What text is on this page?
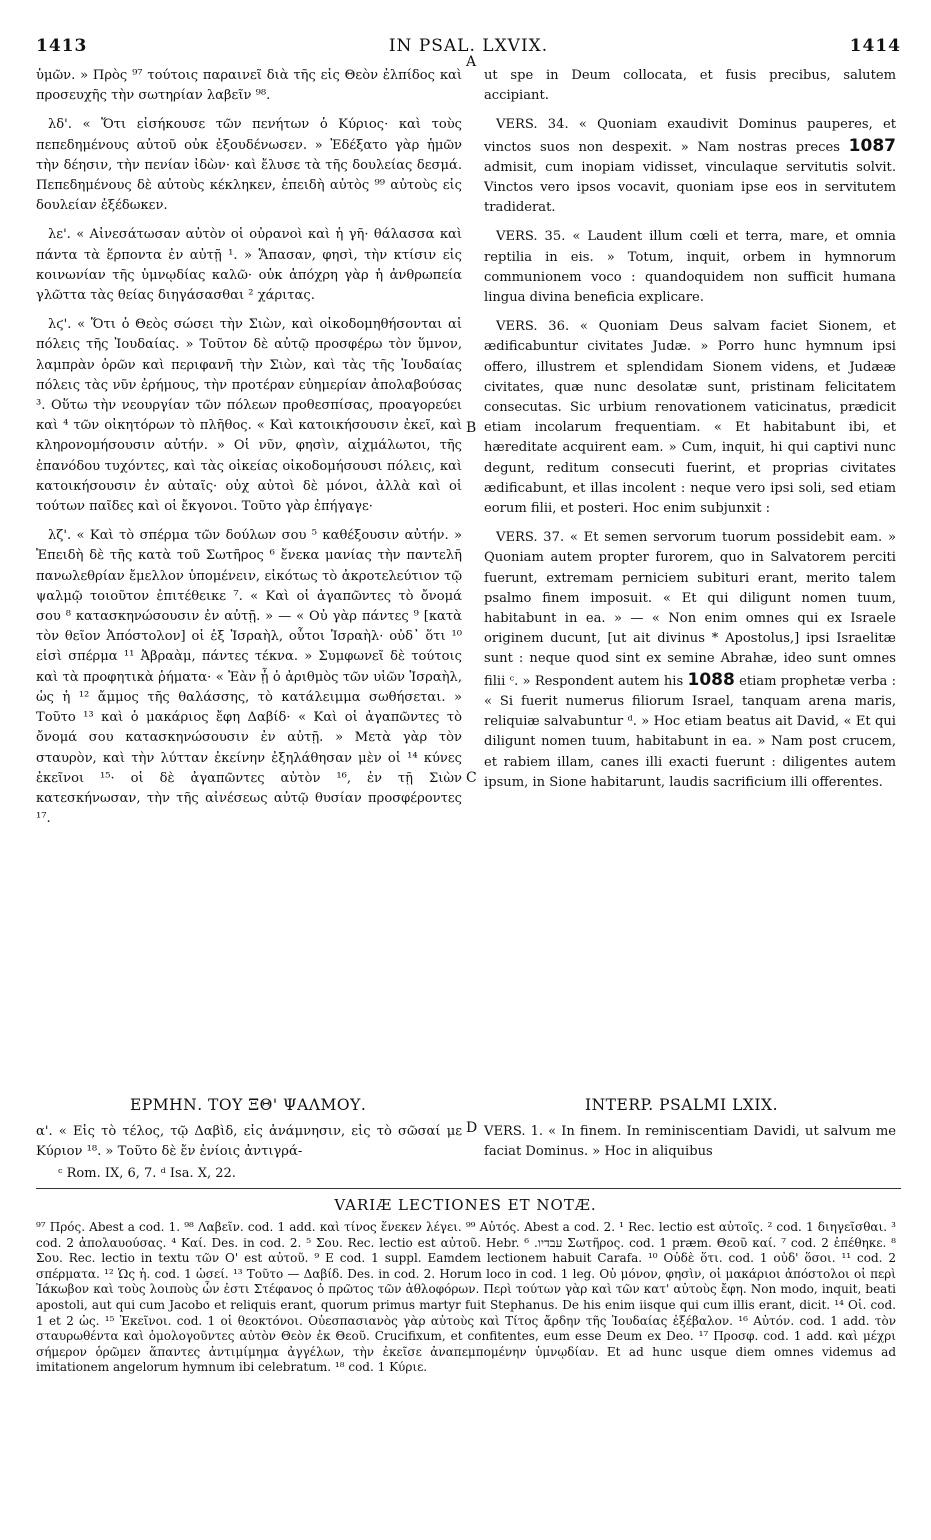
1413	IN PSAL. LXVIX.	1414

ὑμῶν. » Πρὸς ⁹⁷ τούτοις παραινεῖ διὰ τῆς εἰς Θεὸν ἐλπίδος καὶ προσευχῆς τὴν σωτηρίαν λαβεῖν ⁹⁸.

λδ'. « Ὅτι εἰσήκουσε τῶν πενήτων ὁ Κύριος· καὶ τοὺς πεπεδημένους αὐτοῦ οὐκ ἐξουδένωσεν. » Ἐδέξατο γὰρ ἡμῶν τὴν δέησιν, τὴν πενίαν ἰδὼν· καὶ ἔλυσε τὰ τῆς δουλείας δεσμά. Πεπεδημένους δὲ αὐτοὺς κέκληκεν, ἐπειδὴ αὐτὸς ⁹⁹ αὐτοὺς εἰς δουλείαν ἐξέδωκεν.

λε'. « Αἰνεσάτωσαν αὐτὸν οἱ οὐρανοὶ καὶ ἡ γῆ· θάλασσα καὶ πάντα τὰ ἕρποντα ἐν αὐτῇ ¹. » Ἅπασαν, φησὶ, τὴν κτίσιν εἰς κοινωνίαν τῆς ὑμνῳδίας καλῶ· οὐκ ἀπόχρη γὰρ ἡ ἀνθρωπεία γλῶττα τὰς θείας διηγάσασθαι ² χάριτας.

λϛ'. « Ὅτι ὁ Θεὸς σώσει τὴν Σιὼν, καὶ οἰκοδομηθήσονται αἱ πόλεις τῆς Ἰουδαίας. » Τοῦτον δὲ αὐτῷ προσφέρω τὸν ὕμνον, λαμπρὰν ὁρῶν καὶ περιφανῆ τὴν Σιὼν, καὶ τὰς τῆς Ἰουδαίας πόλεις τὰς νῦν ἐρήμους, τὴν προτέραν εὐημερίαν ἀπολαβούσας ³. Οὕτω τὴν νεουργίαν τῶν πόλεων προθεσπίσας, προαγορεύει καὶ ⁴ τῶν οἰκητόρων τὸ πλῆθος. « Καὶ κατοικήσουσιν ἐκεῖ, καὶ κληρονομήσουσιν αὐτήν. » Οἱ νῦν, φησὶν, αἰχμάλωτοι, τῆς ἐπανόδου τυχόντες, καὶ τὰς οἰκείας οἰκοδομήσουσι πόλεις, καὶ κατοικήσουσιν ἐν αὐταῖς· οὐχ αὐτοὶ δὲ μόνοι, ἀλλὰ καὶ οἱ τούτων παῖδες καὶ οἱ ἔκγονοι. Τοῦτο γὰρ ἐπήγαγε·

λζ'. « Καὶ τὸ σπέρμα τῶν δούλων σου ⁵ καθέξουσιν αὐτήν. » Ἐπειδὴ δὲ τῆς κατὰ τοῦ Σωτῆρος ⁶ ἔνεκα μανίας τὴν παντελῆ πανωλεθρίαν ἔμελλον ὑπομένειν, εἰκότως τὸ ἀκροτελεύτιον τῷ ψαλμῷ τοιοῦτον ἐπιτέθεικε ⁷. « Καὶ οἱ ἀγαπῶντες τὸ ὄνομά σου ⁸ κατασκηνώσουσιν ἐν αὐτῇ. » — « Οὐ γὰρ πάντες ⁹ [κατὰ τὸν θεῖον Ἀπόστολον] οἱ ἐξ Ἰσραὴλ, οὗτοι Ἰσραὴλ· οὐδ᾽ ὅτι ¹⁰ εἰσὶ σπέρμα ¹¹ Ἀβραὰμ, πάντες τέκνα. » Συμφωνεῖ δὲ τούτοις καὶ τὰ προφητικὰ ῥήματα· « Ἐὰν ᾖ ὁ ἀριθμὸς τῶν υἱῶν Ἰσραὴλ, ὡς ἡ ¹² ἄμμος τῆς θαλάσσης, τὸ κατάλειμμα σωθήσεται. » Τοῦτο ¹³ καὶ ὁ μακάριος ἔφη Δαβίδ· « Καὶ οἱ ἀγαπῶντες τὸ ὄνομά σου κατασκηνώσουσιν ἐν αὐτῇ. » Μετὰ γὰρ τὸν σταυρὸν, καὶ τὴν λύτταν ἐκείνην ἐξηλάθησαν μὲν οἱ ¹⁴ κύνες ἐκεῖνοι ¹⁵· οἱ δὲ ἀγαπῶντες αὐτὸν ¹⁶, ἐν τῇ Σιὼν κατεσκήνωσαν, τὴν τῆς αἰνέσεως αὐτῷ θυσίαν προσφέροντες ¹⁷.

A
B
C
D

ut spe in Deum collocata, et fusis precibus, salutem accipiant.

VERS. 34. « Quoniam exaudivit Dominus pauperes, et vinctos suos non despexit. » Nam nostras preces 1087 admisit, cum inopiam vidisset, vinculaque servitutis solvit. Vinctos vero ipsos vocavit, quoniam ipse eos in servitutem tradiderat.

VERS. 35. « Laudent illum cœli et terra, mare, et omnia reptilia in eis. » Totum, inquit, orbem in hymnorum communionem voco : quandoquidem non sufficit humana lingua divina beneficia explicare.

VERS. 36. « Quoniam Deus salvam faciet Sionem, et ædificabuntur civitates Judæ. » Porro hunc hymnum ipsi offero, illustrem et splendidam Sionem videns, et Judææ civitates, quæ nunc desolatæ sunt, pristinam felicitatem consecutas. Sic urbium renovationem vaticinatus, prædicit etiam incolarum frequentiam. « Et habitabunt ibi, et hæreditate acquirent eam. » Cum, inquit, hi qui captivi nunc degunt, reditum consecuti fuerint, et proprias civitates ædificabunt, et illas incolent : neque vero ipsi soli, sed etiam eorum filii, et posteri. Hoc enim subjunxit :

VERS. 37. « Et semen servorum tuorum possidebit eam. » Quoniam autem propter furorem, quo in Salvatorem perciti fuerunt, extremam perniciem subituri erant, merito talem psalmo finem imposuit. « Et qui diligunt nomen tuum, habitabunt in ea. » — « Non enim omnes qui ex Israele originem ducunt, [ut ait divinus * Apostolus,] ipsi Israelitæ sunt : neque quod sint ex semine Abrahæ, ideo sunt omnes filii ᶜ. » Respondent autem his 1088 etiam prophetæ verba : « Si fuerit numerus filiorum Israel, tanquam arena maris, reliquiæ salvabuntur ᵈ. » Hoc etiam beatus ait David, « Et qui diligunt nomen tuum, habitabunt in ea. » Nam post crucem, et rabiem illam, canes illi exacti fuerunt : diligentes autem ipsum, in Sione habitarunt, laudis sacrificium illi offerentes.

ΕΡΜΗΝ. ΤΟΥ ΞΘ' ΨΑΛΜΟΥ.	INTERP. PSALMI LXIX.
α'. « Εἰς τὸ τέλος, τῷ Δαβὶδ, εἰς ἀνάμνησιν, εἰς τὸ σῶσαί με Κύριον ¹⁸. » Τοῦτο δὲ ἔν ἐνίοις ἀντιγρά-
VERS. 1. « In finem. In reminiscentiam Davidi, ut salvum me faciat Dominus. » Hoc in aliquibus
ᶜ Rom. IX, 6, 7. ᵈ Isa. X, 22.
VARIÆ LECTIONES ET NOTÆ.

⁹⁷ Πρός. Abest a cod. 1. ⁹⁸ Λαβεῖν. cod. 1 add. καὶ τίνος ἕνεκεν λέγει. ⁹⁹ Αὐτός. Abest a cod. 2. ¹ Rec. lectio est αὐτοῖς. ² cod. 1 διηγεῖσθαι. ³ cod. 2 ἀπολαυούσας. ⁴ Καί. Des. in cod. 2. ⁵ Σου. Rec. lectio est αὐτοῦ. Hebr. עבדיו. ⁶ Σωτῆρος. cod. 1 præm. Θεοῦ καί. ⁷ cod. 2 ἐπέθηκε. ⁸ Σου. Rec. lectio in textu τῶν Ο' est αὐτοῦ. ⁹ E cod. 1 suppl. Eamdem lectionem habuit Carafa. ¹⁰ Οὐδὲ ὅτι. cod. 1 οὐδ' ὅσοι. ¹¹ cod. 2 σπέρματα. ¹² Ὡς ἡ. cod. 1 ὡσεί. ¹³ Τοῦτο — Δαβίδ. Des. in cod. 2. Horum loco in cod. 1 leg. Οὐ μόνον, φησὶν, οἱ μακάριοι ἀπόστολοι οἱ περὶ Ἰάκωβον καὶ τοὺς λοιποὺς ὧν ἐστι Στέφανος ὁ πρῶτος τῶν ἀθλοφόρων. Περὶ τούτων γὰρ καὶ τῶν κατ' αὐτοὺς ἔφη. Non modo, inquit, beati apostoli, aut qui cum Jacobo et reliquis erant, quorum primus martyr fuit Stephanus. De his enim iisque qui cum illis erant, dicit. ¹⁴ Οἱ. cod. 1 et 2 ὡς. ¹⁵ Ἐκεῖνοι. cod. 1 οἱ θεοκτόνοι. Οὐεσπασιανὸς γὰρ αὐτοὺς καὶ Τίτος ἄρδην τῆς Ἰουδαίας ἐξέβαλον. ¹⁶ Αὐτόν. cod. 1 add. τὸν σταυρωθέντα καὶ ὁμολογοῦντες αὐτὸν Θεὸν ἐκ Θεοῦ. Crucifixum, et confitentes, eum esse Deum ex Deo. ¹⁷ Προσφ. cod. 1 add. καὶ μέχρι σήμερον ὁρῶμεν ἅπαντες ἀντιμίμημα ἀγγέλων, τὴν ἐκεῖσε ἀναπεμπομένην ὑμνῳδίαν. Et ad hunc usque diem omnes videmus ad imitationem angelorum hymnum ibi celebratum. ¹⁸ cod. 1 Κύριε.
